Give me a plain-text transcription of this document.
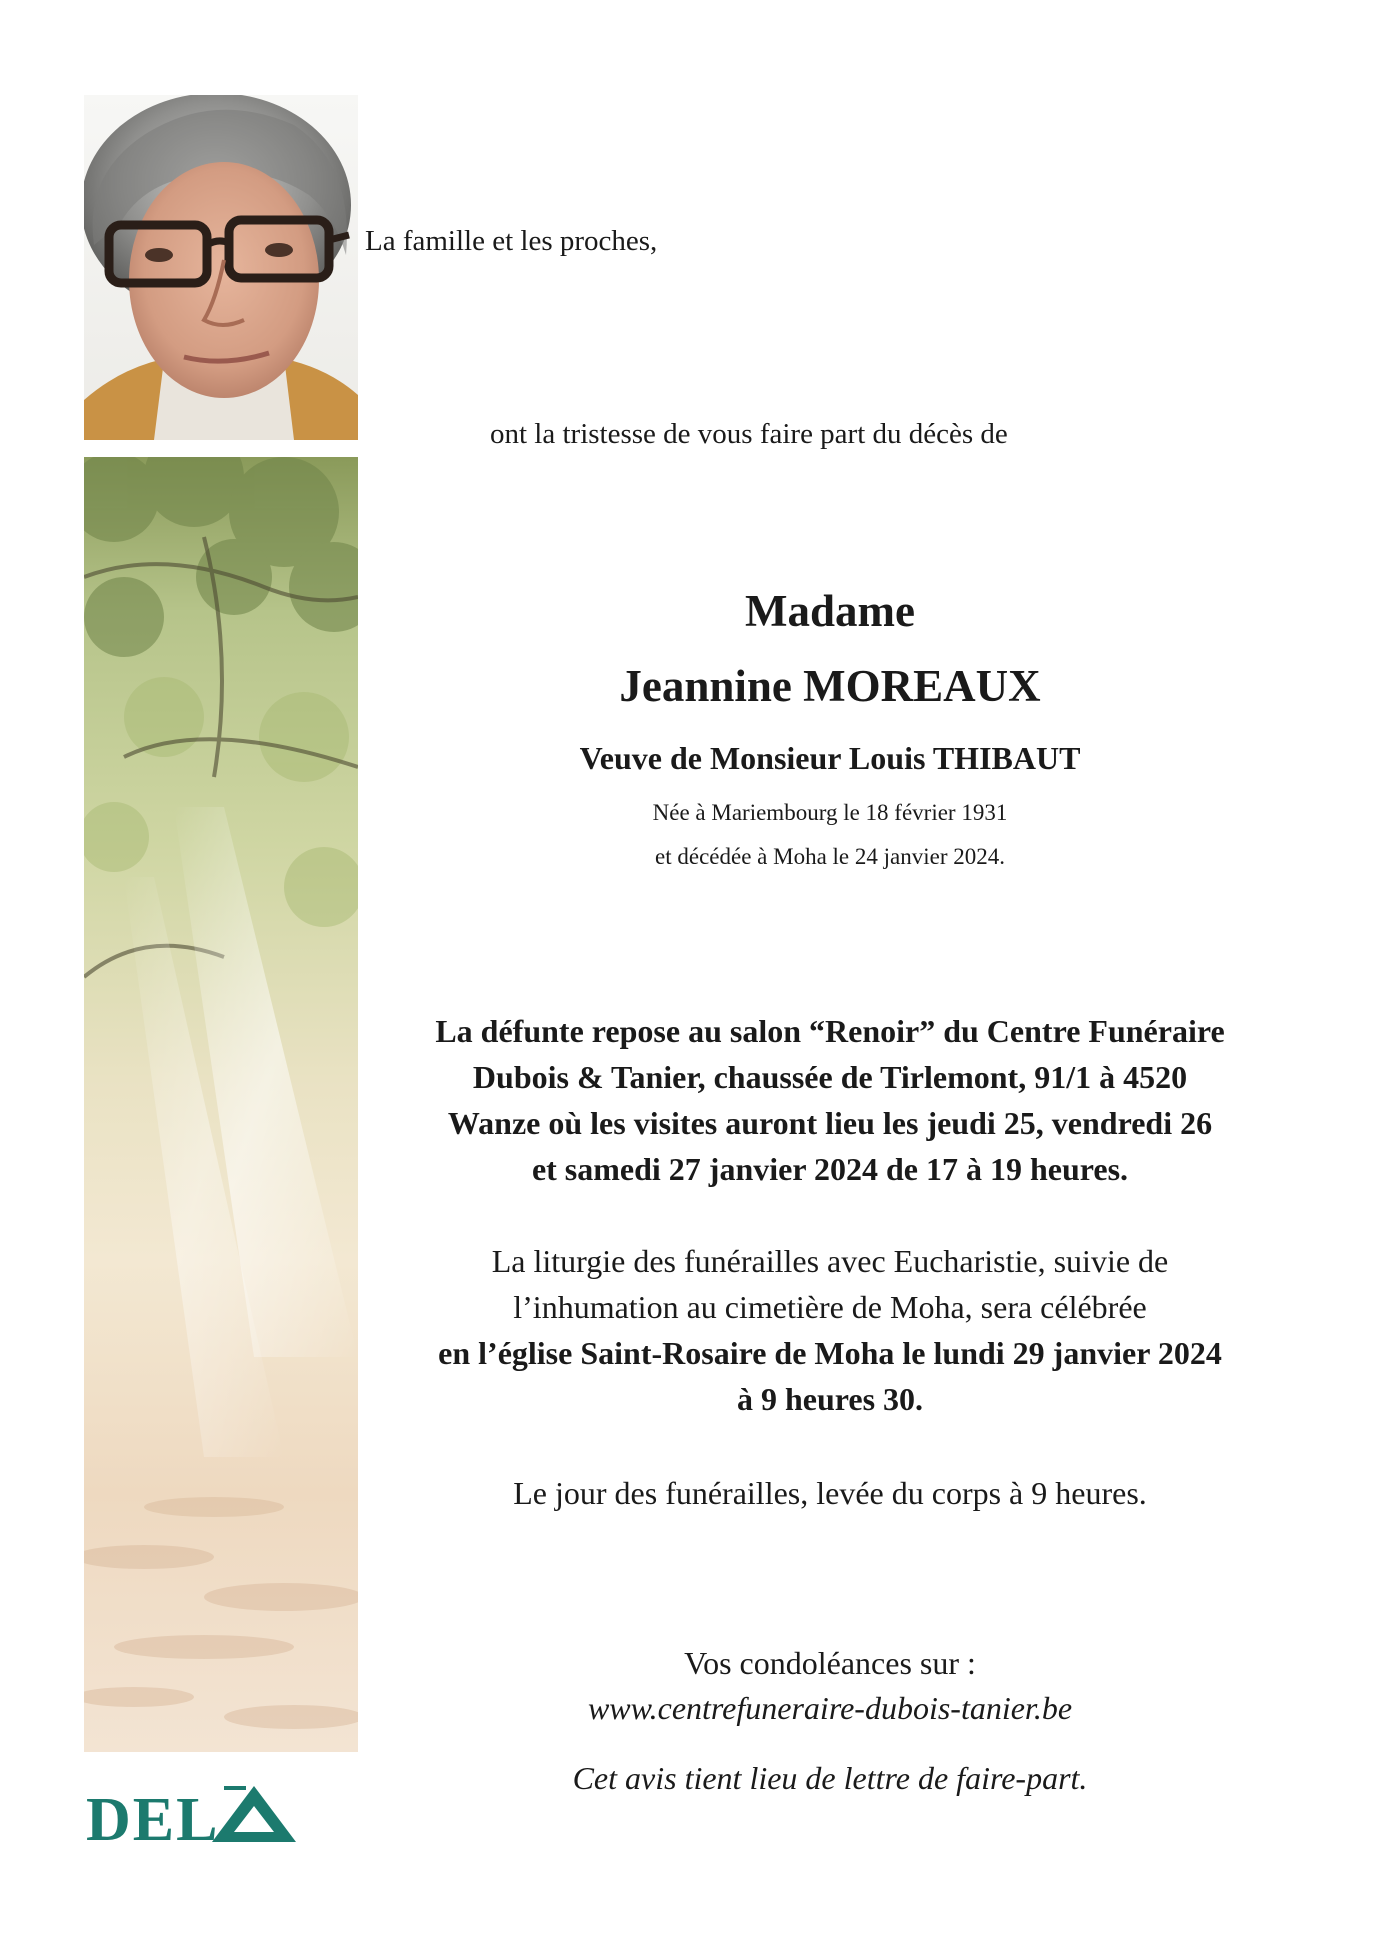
DEL
La famille et les proches,
ont la tristesse de vous faire part du décès de
Madame
Jeannine MOREAUX
Veuve de Monsieur Louis THIBAUT
Née à Mariembourg le 18 février 1931
et décédée à Moha le 24 janvier 2024.
La défunte repose au salon “Renoir” du Centre Funéraire
Dubois & Tanier, chaussée de Tirlemont, 91/1 à 4520
Wanze où les visites auront lieu les jeudi 25, vendredi 26
et samedi 27 janvier 2024 de 17 à 19 heures.
La liturgie des funérailles avec Eucharistie, suivie de
l’inhumation au cimetière de Moha, sera célébrée
en l’église Saint-Rosaire de Moha le lundi 29 janvier 2024
à 9 heures 30.
Le jour des funérailles, levée du corps à 9 heures.
Vos condoléances sur :
www.centrefuneraire-dubois-tanier.be
Cet avis tient lieu de lettre de faire-part.
